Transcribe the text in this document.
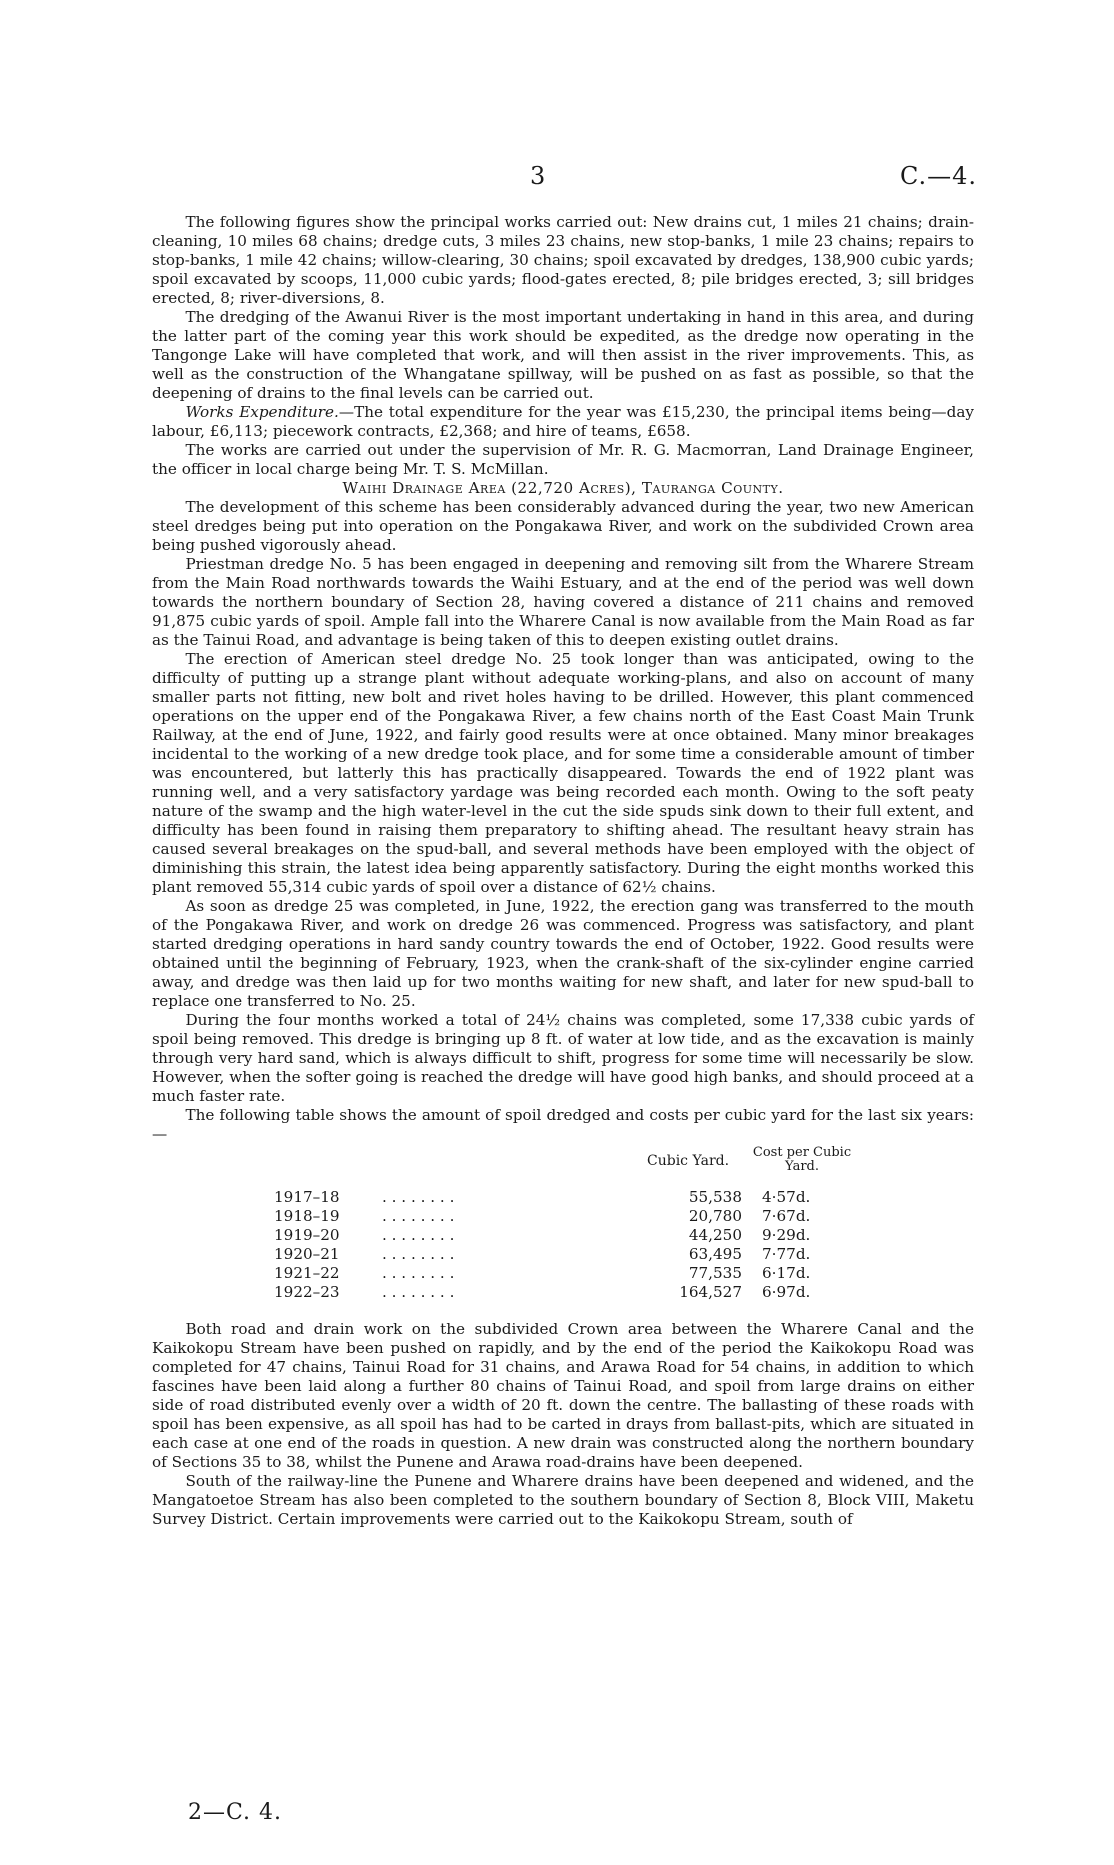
3	C.—4.

The following figures show the principal works carried out: New drains cut, 1 miles 21 chains; drain-cleaning, 10 miles 68 chains; dredge cuts, 3 miles 23 chains, new stop-banks, 1 mile 23 chains; repairs to stop-banks, 1 mile 42 chains; willow-clearing, 30 chains; spoil excavated by dredges, 138,900 cubic yards; spoil excavated by scoops, 11,000 cubic yards; flood-gates erected, 8; pile bridges erected, 3; sill bridges erected, 8; river-diversions, 8.

The dredging of the Awanui River is the most important undertaking in hand in this area, and during the latter part of the coming year this work should be expedited, as the dredge now operating in the Tangonge Lake will have completed that work, and will then assist in the river improvements. This, as well as the construction of the Whangatane spillway, will be pushed on as fast as possible, so that the deepening of drains to the final levels can be carried out.

Works Expenditure.—The total expenditure for the year was £15,230, the principal items being—day labour, £6,113; piecework contracts, £2,368; and hire of teams, £658.

The works are carried out under the supervision of Mr. R. G. Macmorran, Land Drainage Engineer, the officer in local charge being Mr. T. S. McMillan.

Waihi Drainage Area (22,720 Acres), Tauranga County.

The development of this scheme has been considerably advanced during the year, two new American steel dredges being put into operation on the Pongakawa River, and work on the subdivided Crown area being pushed vigorously ahead.

Priestman dredge No. 5 has been engaged in deepening and removing silt from the Wharere Stream from the Main Road northwards towards the Waihi Estuary, and at the end of the period was well down towards the northern boundary of Section 28, having covered a distance of 211 chains and removed 91,875 cubic yards of spoil. Ample fall into the Wharere Canal is now available from the Main Road as far as the Tainui Road, and advantage is being taken of this to deepen existing outlet drains.

The erection of American steel dredge No. 25 took longer than was anticipated, owing to the difficulty of putting up a strange plant without adequate working-plans, and also on account of many smaller parts not fitting, new bolt and rivet holes having to be drilled. However, this plant commenced operations on the upper end of the Pongakawa River, a few chains north of the East Coast Main Trunk Railway, at the end of June, 1922, and fairly good results were at once obtained. Many minor breakages incidental to the working of a new dredge took place, and for some time a considerable amount of timber was encountered, but latterly this has practically disappeared. Towards the end of 1922 plant was running well, and a very satisfactory yardage was being recorded each month. Owing to the soft peaty nature of the swamp and the high water-level in the cut the side spuds sink down to their full extent, and difficulty has been found in raising them preparatory to shifting ahead. The resultant heavy strain has caused several breakages on the spud-ball, and several methods have been employed with the object of diminishing this strain, the latest idea being apparently satisfactory. During the eight months worked this plant removed 55,314 cubic yards of spoil over a distance of 62½ chains.

As soon as dredge 25 was completed, in June, 1922, the erection gang was transferred to the mouth of the Pongakawa River, and work on dredge 26 was commenced. Progress was satisfactory, and plant started dredging operations in hard sandy country towards the end of October, 1922. Good results were obtained until the beginning of February, 1923, when the crank-shaft of the six-cylinder engine carried away, and dredge was then laid up for two months waiting for new shaft, and later for new spud-ball to replace one transferred to No. 25.

During the four months worked a total of 24½ chains was completed, some 17,338 cubic yards of spoil being removed. This dredge is bringing up 8 ft. of water at low tide, and as the excavation is mainly through very hard sand, which is always difficult to shift, progress for some time will necessarily be slow. However, when the softer going is reached the dredge will have good high banks, and should proceed at a much faster rate.

The following table shows the amount of spoil dredged and costs per cubic yard for the last six years:—

Cubic Yard.
Cost per Cubic Yard.
1917–18	. . . . . . . .	55,538 4·57d.
1918–19	. . . . . . . .	20,780 7·67d.
1919–20	. . . . . . . .	44,250 9·29d.
1920–21	. . . . . . . .	63,495 7·77d.
1921–22	. . . . . . . .	77,535 6·17d.
1922–23	. . . . . . . .	164,527 6·97d.

Both road and drain work on the subdivided Crown area between the Wharere Canal and the Kaikokopu Stream have been pushed on rapidly, and by the end of the period the Kaikokopu Road was completed for 47 chains, Tainui Road for 31 chains, and Arawa Road for 54 chains, in addition to which fascines have been laid along a further 80 chains of Tainui Road, and spoil from large drains on either side of road distributed evenly over a width of 20 ft. down the centre. The ballasting of these roads with spoil has been expensive, as all spoil has had to be carted in drays from ballast-pits, which are situated in each case at one end of the roads in question. A new drain was constructed along the northern boundary of Sections 35 to 38, whilst the Punene and Arawa road-drains have been deepened.

South of the railway-line the Punene and Wharere drains have been deepened and widened, and the Mangatoetoe Stream has also been completed to the southern boundary of Section 8, Block VIII, Maketu Survey District. Certain improvements were carried out to the Kaikokopu Stream, south of

2—C. 4.
